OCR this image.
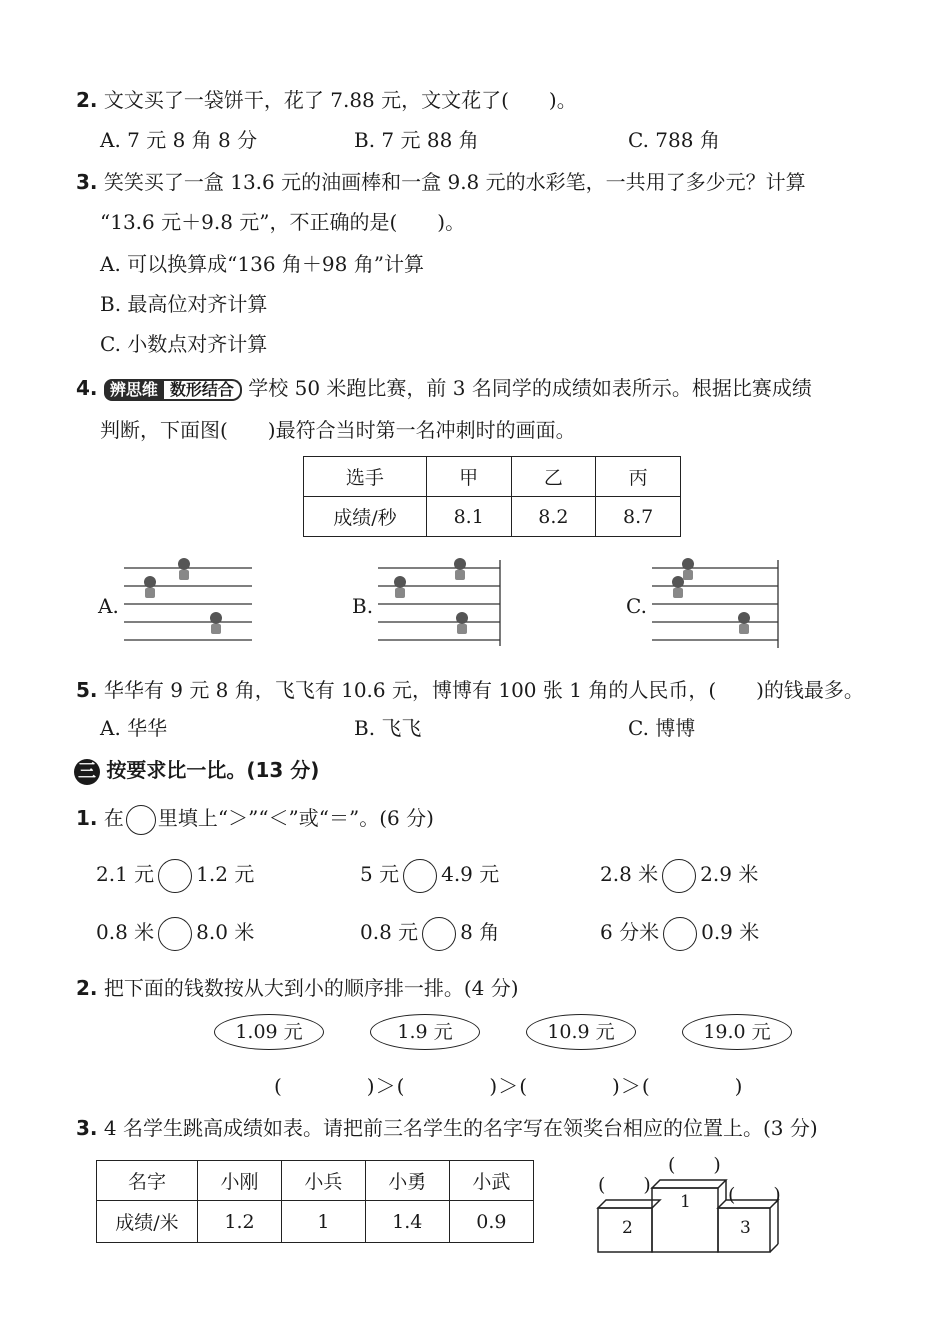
2. 文文买了一袋饼干，花了 7.88 元，文文花了(　　)。
A. 7 元 8 角 8 分	B. 7 元 88 角	C. 788 角
3. 笑笑买了一盒 13.6 元的油画棒和一盒 9.8 元的水彩笔，一共用了多少元？计算
“13.6 元＋9.8 元”，不正确的是(　　)。
A. 可以换算成“136 角＋98 角”计算
B. 最高位对齐计算
C. 小数点对齐计算
4. 辨思维 数形结合 学校 50 米跑比赛，前 3 名同学的成绩如表所示。根据比赛成绩
判断，下面图(　　)最符合当时第一名冲刺时的画面。
选手	甲	乙	丙
成绩/秒	8.1	8.2	8.7
A.	B.	C.
5. 华华有 9 元 8 角，飞飞有 10.6 元，博博有 100 张 1 角的人民币，(　　)的钱最多。
A. 华华	B. 飞飞	C. 博博
三 按要求比一比。(13 分)
1. 在 里填上“＞”“＜”或“＝”。(6 分)
2.1 元 1.2 元	5 元 4.9 元	2.8 米 2.9 米
0.8 米 8.0 米	0.8 元 8 角	6 分米 0.9 米
2. 把下面的钱数按从大到小的顺序排一排。(4 分)
1.09 元	1.9 元	10.9 元	19.0 元
(　　　　)＞(　　　　)＞(　　　　)＞(　　　　)
3. 4 名学生跳高成绩如表。请把前三名学生的名字写在领奖台相应的位置上。(3 分)
名字	小刚	小兵	小勇	小武
成绩/米	1.2	1	1.4	0.9
1
2	3
(　　)
(　　)	(　　)
